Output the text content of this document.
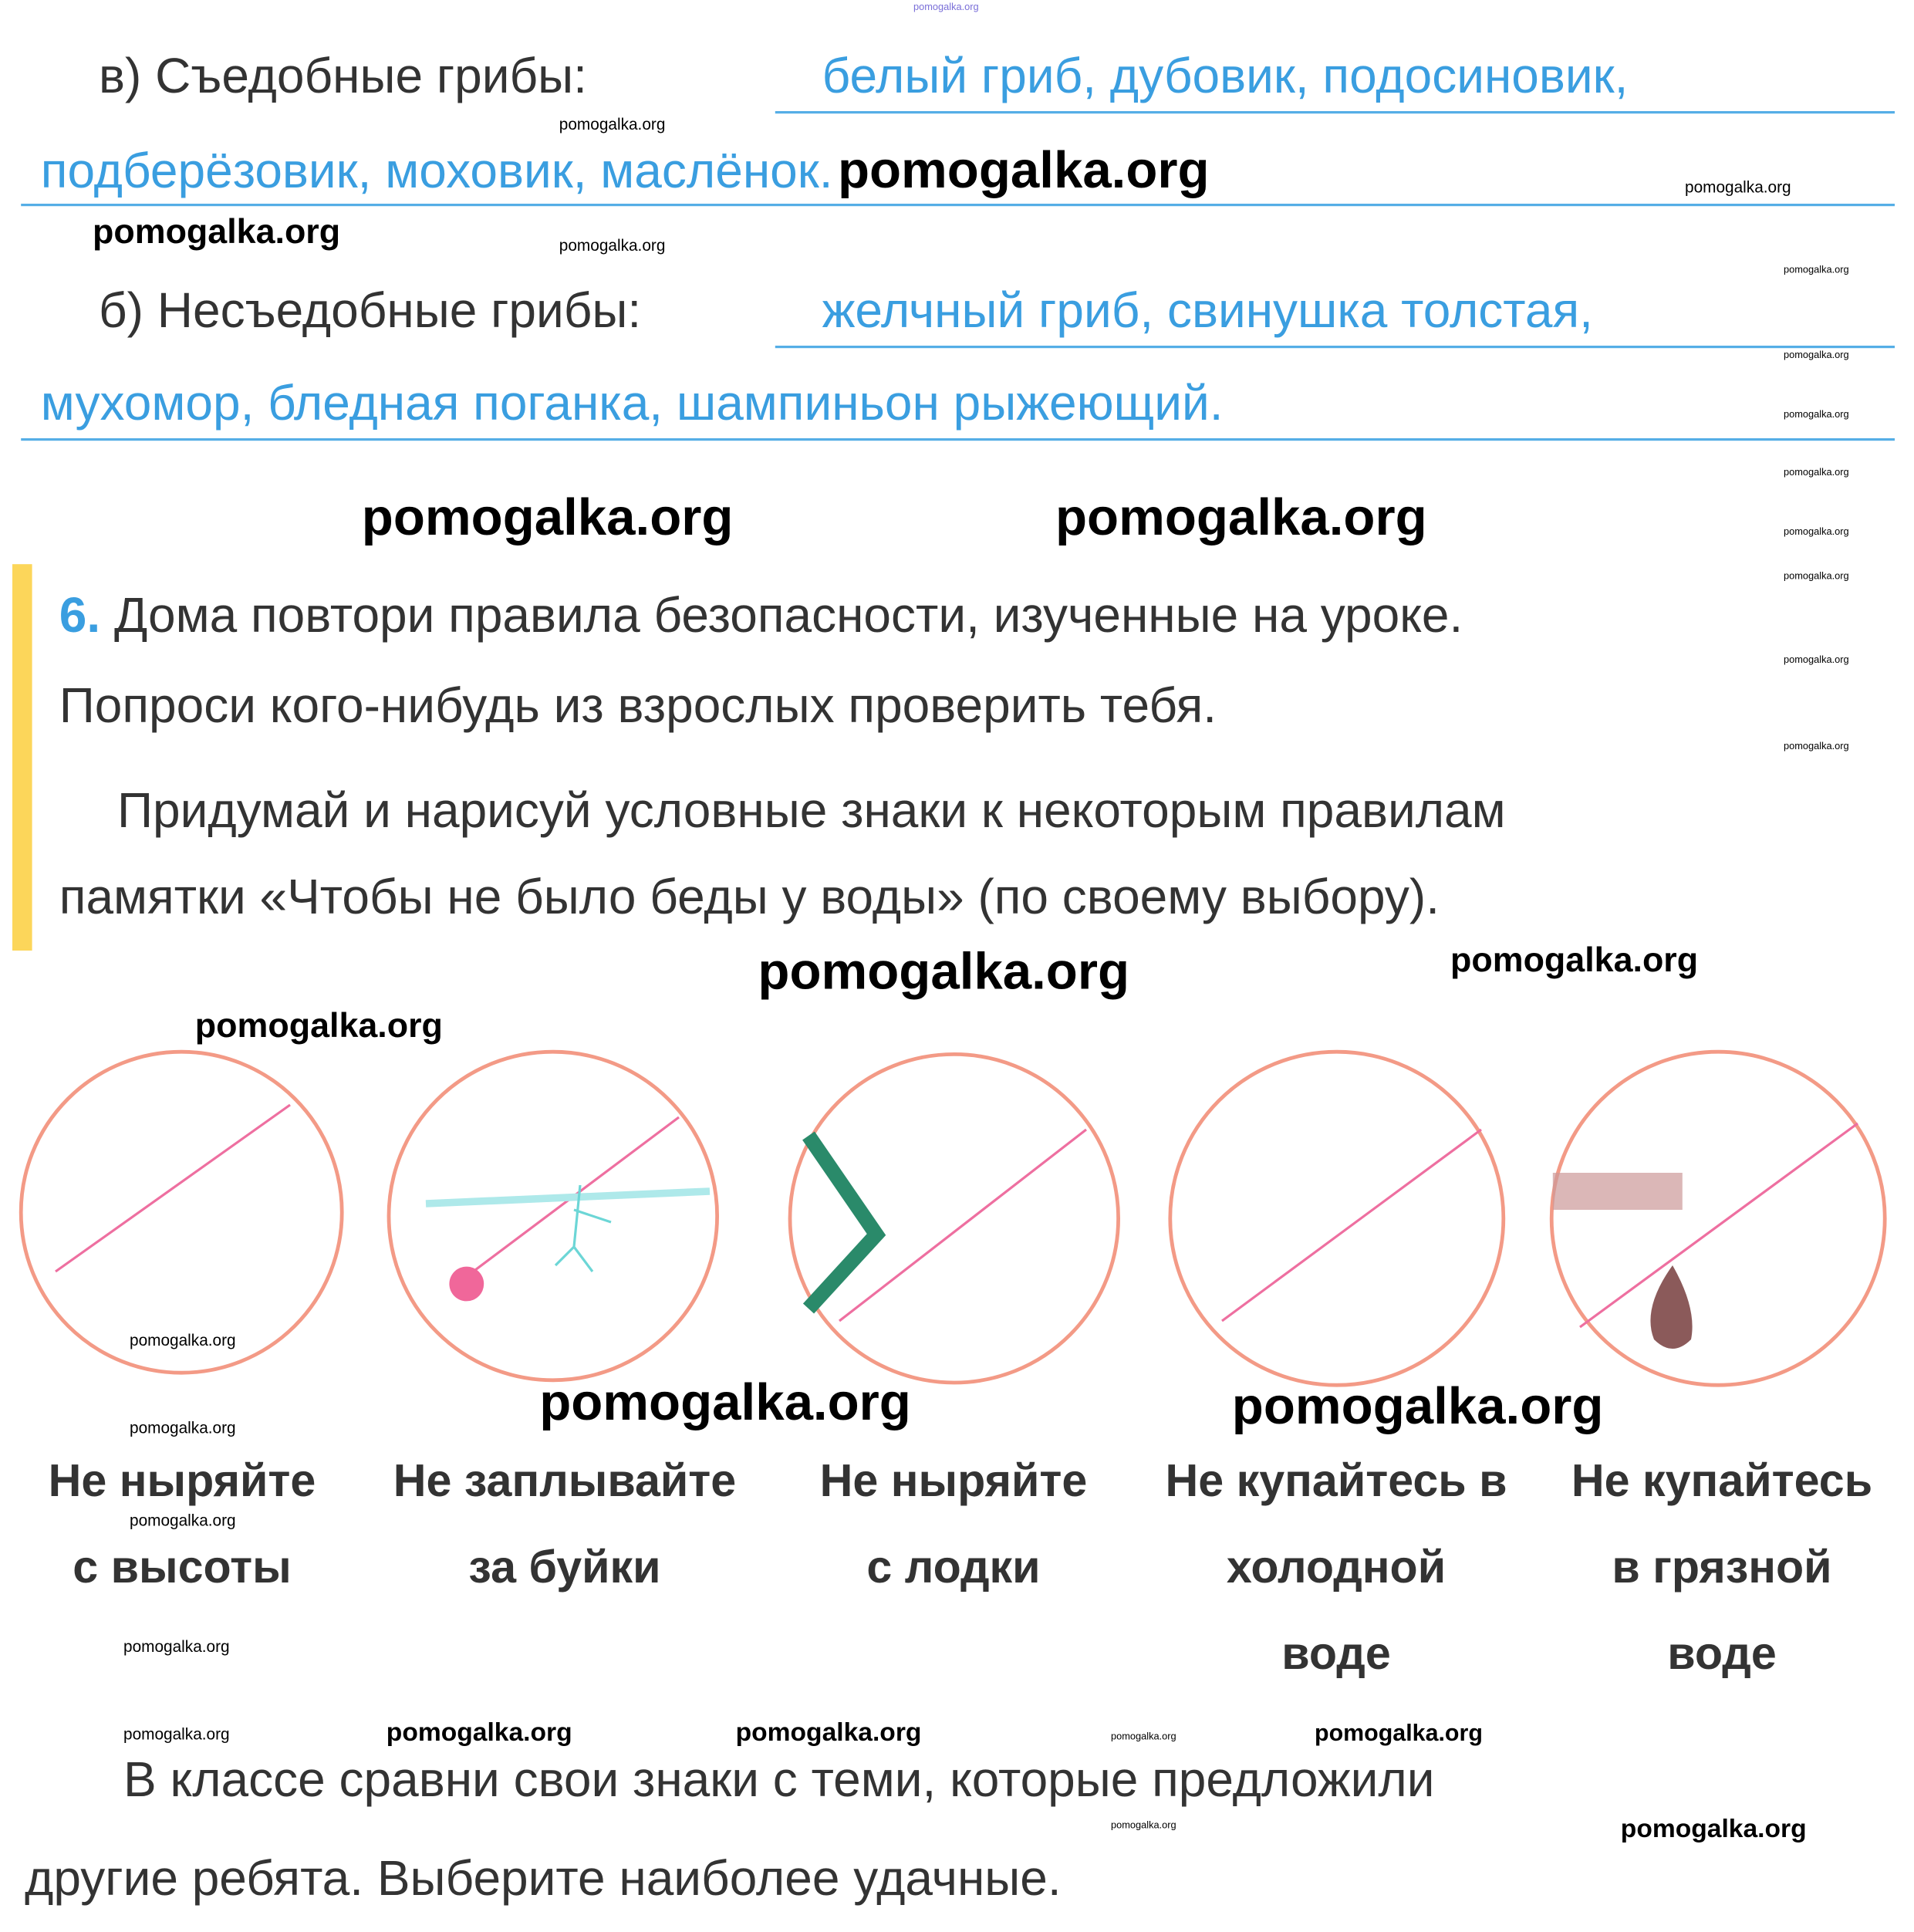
pomogalka.org
в) Съедобные грибы:	белый гриб, дубовик, подосиновик,
подберёзовик, моховик, маслёнок. pomogalka.org
б) Несъедобные грибы:	желчный гриб, свинушка толстая,
мухомор, бледная поганка, шампиньон рыжеющий.
6. Дома повтори правила безопасности, изученные на уроке.
Попроси кого-нибудь из взрослых проверить тебя.
Придумай и нарисуй условные знаки к некоторым правилам
памятки «Чтобы не было беды у воды» (по своему выбору).
Не ныряйте
с высоты
Не заплывайте
за буйки
Не ныряйте
с лодки
Не купайтесь в
холодной
воде
Не купайтесь
в грязной
воде
В классе сравни свои знаки с теми, которые предложили
другие ребята. Выберите наиболее удачные.
pomogalka.org
pomogalka.org
pomogalka.org	pomogalka.org
pomogalka.org
pomogalka.org
pomogalka.org
pomogalka.org
pomogalka.org
pomogalka.org
pomogalka.org
pomogalka.org
pomogalka.org	pomogalka.org
pomogalka.org	pomogalka.org
pomogalka.org
pomogalka.org
pomogalka.org	pomogalka.org
pomogalka.org
pomogalka.org
pomogalka.org
pomogalka.org	pomogalka.org	pomogalka.org	pomogalka.org
pomogalka.org
pomogalka.org
pomogalka.org
